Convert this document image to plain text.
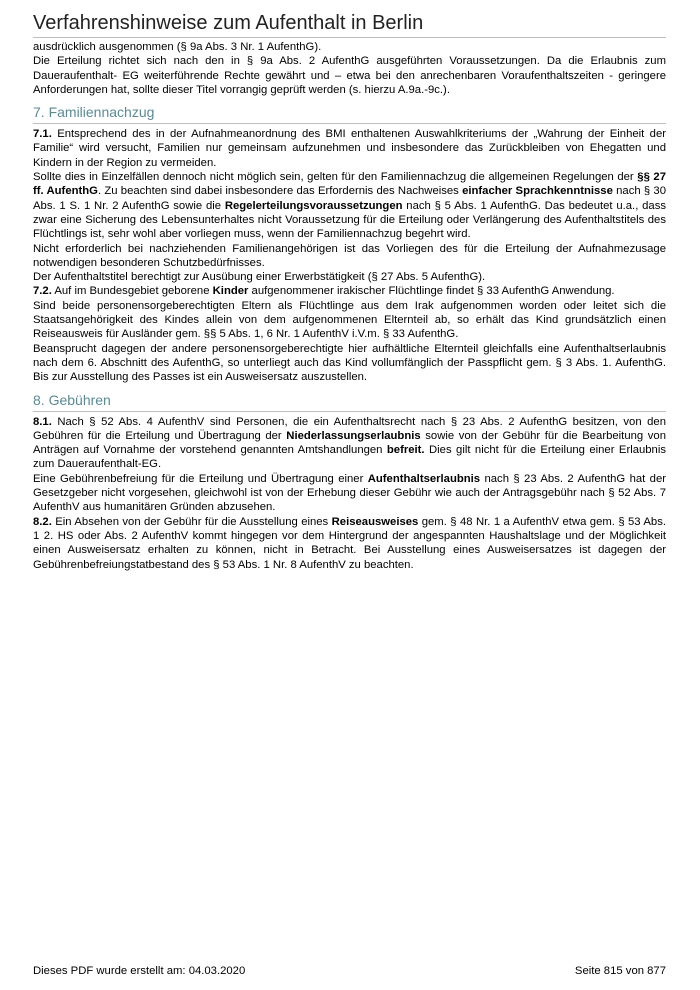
Verfahrenshinweise zum Aufenthalt in Berlin

ausdrücklich ausgenommen (§ 9a Abs. 3 Nr. 1 AufenthG).

Die Erteilung richtet sich nach den in § 9a Abs. 2 AufenthG ausgeführten Voraussetzungen. Da die Erlaubnis zum Daueraufenthalt- EG weiterführende Rechte gewährt und – etwa bei den anrechenbaren Voraufenthaltszeiten - geringere Anforderungen hat, sollte dieser Titel vorrangig geprüft werden (s. hierzu A.9a.-9c.).

7. Familiennachzug

7.1. Entsprechend des in der Aufnahmeanordnung des BMI enthaltenen Auswahlkriteriums der „Wahrung der Einheit der Familie“ wird versucht, Familien nur gemeinsam aufzunehmen und insbesondere das Zurückbleiben von Ehegatten und Kindern in der Region zu vermeiden.

Sollte dies in Einzelfällen dennoch nicht möglich sein, gelten für den Familiennachzug die allgemeinen Regelungen der §§ 27 ff. AufenthG. Zu beachten sind dabei insbesondere das Erfordernis des Nachweises einfacher Sprachkenntnisse nach § 30 Abs. 1 S. 1 Nr. 2 AufenthG sowie die Regelerteilungsvoraussetzungen nach § 5 Abs. 1 AufenthG. Das bedeutet u.a., dass zwar eine Sicherung des Lebensunterhaltes nicht Voraussetzung für die Erteilung oder Verlängerung des Aufenthaltstitels des Flüchtlings ist, sehr wohl aber vorliegen muss, wenn der Familiennachzug begehrt wird.

Nicht erforderlich bei nachziehenden Familienangehörigen ist das Vorliegen des für die Erteilung der Aufnahmezusage notwendigen besonderen Schutzbedürfnisses.

Der Aufenthaltstitel berechtigt zur Ausübung einer Erwerbstätigkeit (§ 27 Abs. 5 AufenthG).

7.2. Auf im Bundesgebiet geborene Kinder aufgenommener irakischer Flüchtlinge findet § 33 AufenthG Anwendung.

Sind beide personensorgeberechtigten Eltern als Flüchtlinge aus dem Irak aufgenommen worden oder leitet sich die Staatsangehörigkeit des Kindes allein von dem aufgenommenen Elternteil ab, so erhält das Kind grundsätzlich einen Reiseausweis für Ausländer gem. §§ 5 Abs. 1, 6 Nr. 1 AufenthV i.V.m. § 33 AufenthG.

Beansprucht dagegen der andere personensorgeberechtigte hier aufhältliche Elternteil gleichfalls eine Aufenthaltserlaubnis nach dem 6. Abschnitt des AufenthG, so unterliegt auch das Kind vollumfänglich der Passpflicht gem. § 3 Abs. 1. AufenthG. Bis zur Ausstellung des Passes ist ein Ausweisersatz auszustellen.

8. Gebühren

8.1. Nach § 52 Abs. 4 AufenthV sind Personen, die ein Aufenthaltsrecht nach § 23 Abs. 2 AufenthG besitzen, von den Gebühren für die Erteilung und Übertragung der Niederlassungserlaubnis sowie von der Gebühr für die Bearbeitung von Anträgen auf Vornahme der vorstehend genannten Amtshandlungen befreit. Dies gilt nicht für die Erteilung einer Erlaubnis zum Daueraufenthalt-EG.

Eine Gebührenbefreiung für die Erteilung und Übertragung einer Aufenthaltserlaubnis nach § 23 Abs. 2 AufenthG hat der Gesetzgeber nicht vorgesehen, gleichwohl ist von der Erhebung dieser Gebühr wie auch der Antragsgebühr nach § 52 Abs. 7 AufenthV aus humanitären Gründen abzusehen.

8.2. Ein Absehen von der Gebühr für die Ausstellung eines Reiseausweises gem. § 48 Nr. 1 a AufenthV etwa gem. § 53 Abs. 1 2. HS oder Abs. 2 AufenthV kommt hingegen vor dem Hintergrund der angespannten Haushaltslage und der Möglichkeit einen Ausweisersatz erhalten zu können, nicht in Betracht. Bei Ausstellung eines Ausweisersatzes ist dagegen der Gebührenbefreiungstatbestand des § 53 Abs. 1 Nr. 8 AufenthV zu beachten.

Dieses PDF wurde erstellt am: 04.03.2020	Seite 815 von 877
